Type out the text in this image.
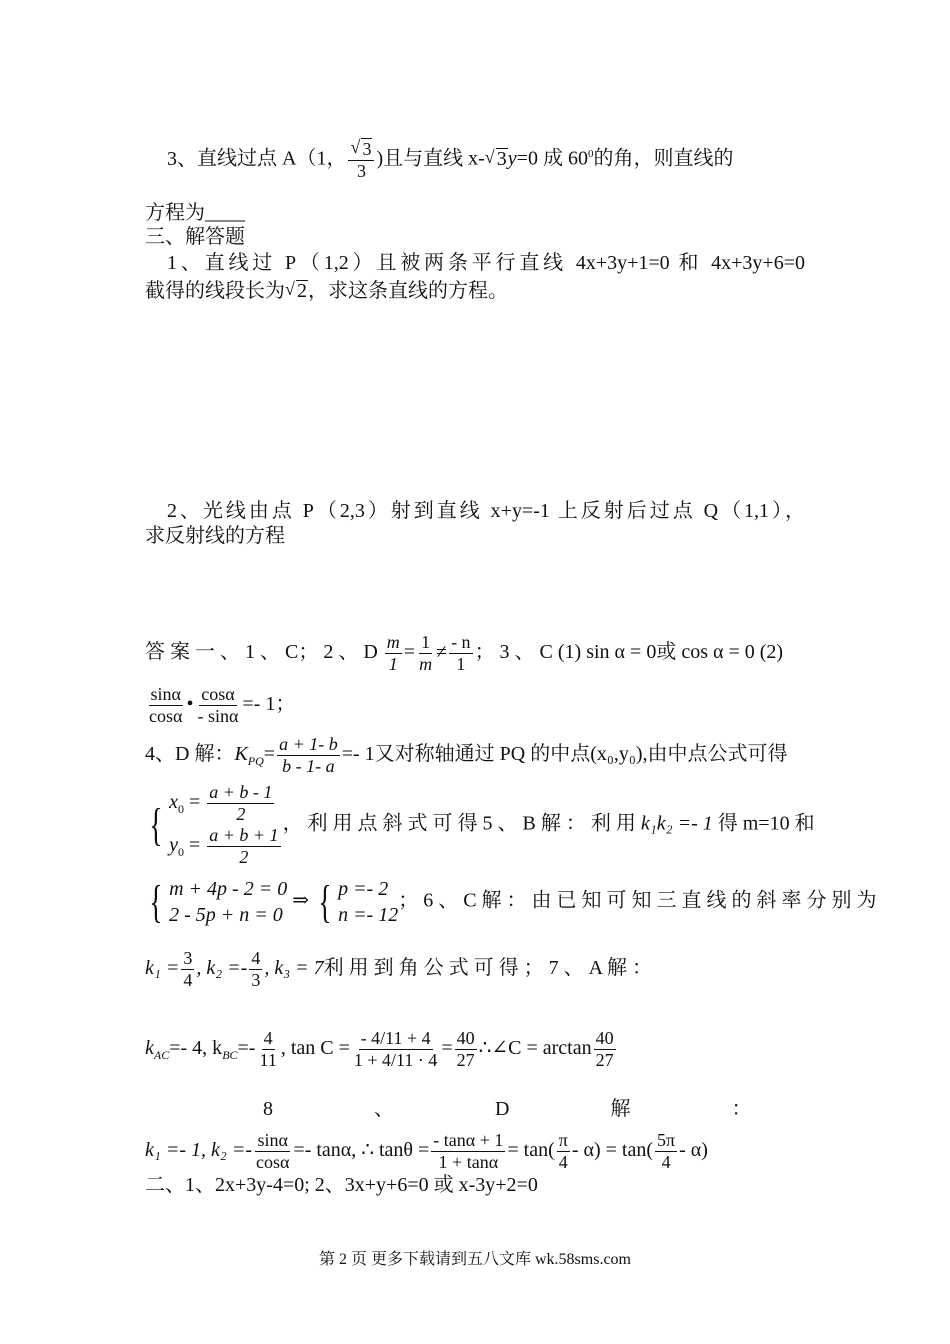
3、直线过点 A（1， √ $\frac{3}{3}$ )且与直线 x- √ 3y=0 成 $60^0$的角，则直线的
方程为____
三、解答题
1、直线过 P（1,2）且被两条平行直线 4x+3y+1=0 和 4x+3y+6=0
截得的线段长为 √ 2，求这条直线的方程。
2、光线由点 P（2,3）射到直线 x+y=-1 上反射后过点 Q（1,1），
求反射线的方程
答 案 一 、 1 、 C； 2 、 D $\frac{m}{1} = \frac{1}{m} \ne \frac{- n}{1}$ ； 3 、 C (1) sin α = 0或 cos α = 0 (2)
$\frac{\sin\alpha}{\cos\alpha}$ • $\frac{\cos\alpha}{- \sin\alpha} =- 1$；
4、D 解：$K_{PQ}= \frac{a + 1- b}{b - 1- a} =- 1$又对称轴通过 PQ 的中点(x₀,y₀),由中点公式可得
{ $x_0 = \frac{a + b - 1}{2}$
$y_0 = \frac{a + b + 1}{2}$
， 利 用 点 斜 式 可 得 5 、 B 解 ： 利 用 k₁k₂ =- 1 得 m=10 和
{ m + 4p - 2 = 0
2 - 5p + n = 0
⇒ { p =- 2
n =- 12
； 6 、 C 解 ： 由 已 知 可 知 三 直 线 的 斜 率 分 别 为
$k_1 = \frac{3}{4}$ , $k_2 =- \frac{4}{3}$ , k₃ = 7利 用 到 角 公 式 可 得 ； 7 、 A 解 ：
$k_{AC}=-$ 4, $k_{BC}=- \frac{4}{11}$ , $\tan C = \frac{- 4/11 + 4}{1 + 4/11 \cdot 4} = \frac{40}{27}$ ∴∠C = $\arctan \frac{40}{27}$
8 、 D 解 ：
k₁ =- 1, $k_2 =- \frac{\sin\alpha}{\cos\alpha} =- \tan\alpha$, ∴ $\tan\theta = \frac{- \tan\alpha + 1}{1 + \tan\alpha} = \tan( \frac{\pi}{4} - \alpha) = \tan( \frac{5\pi}{4} - \alpha)$
二、1、2x+3y-4=0; 2、3x+y+6=0 或 x-3y+2=0
第 2 页 更多下载请到五八文库 wk.58sms.com
